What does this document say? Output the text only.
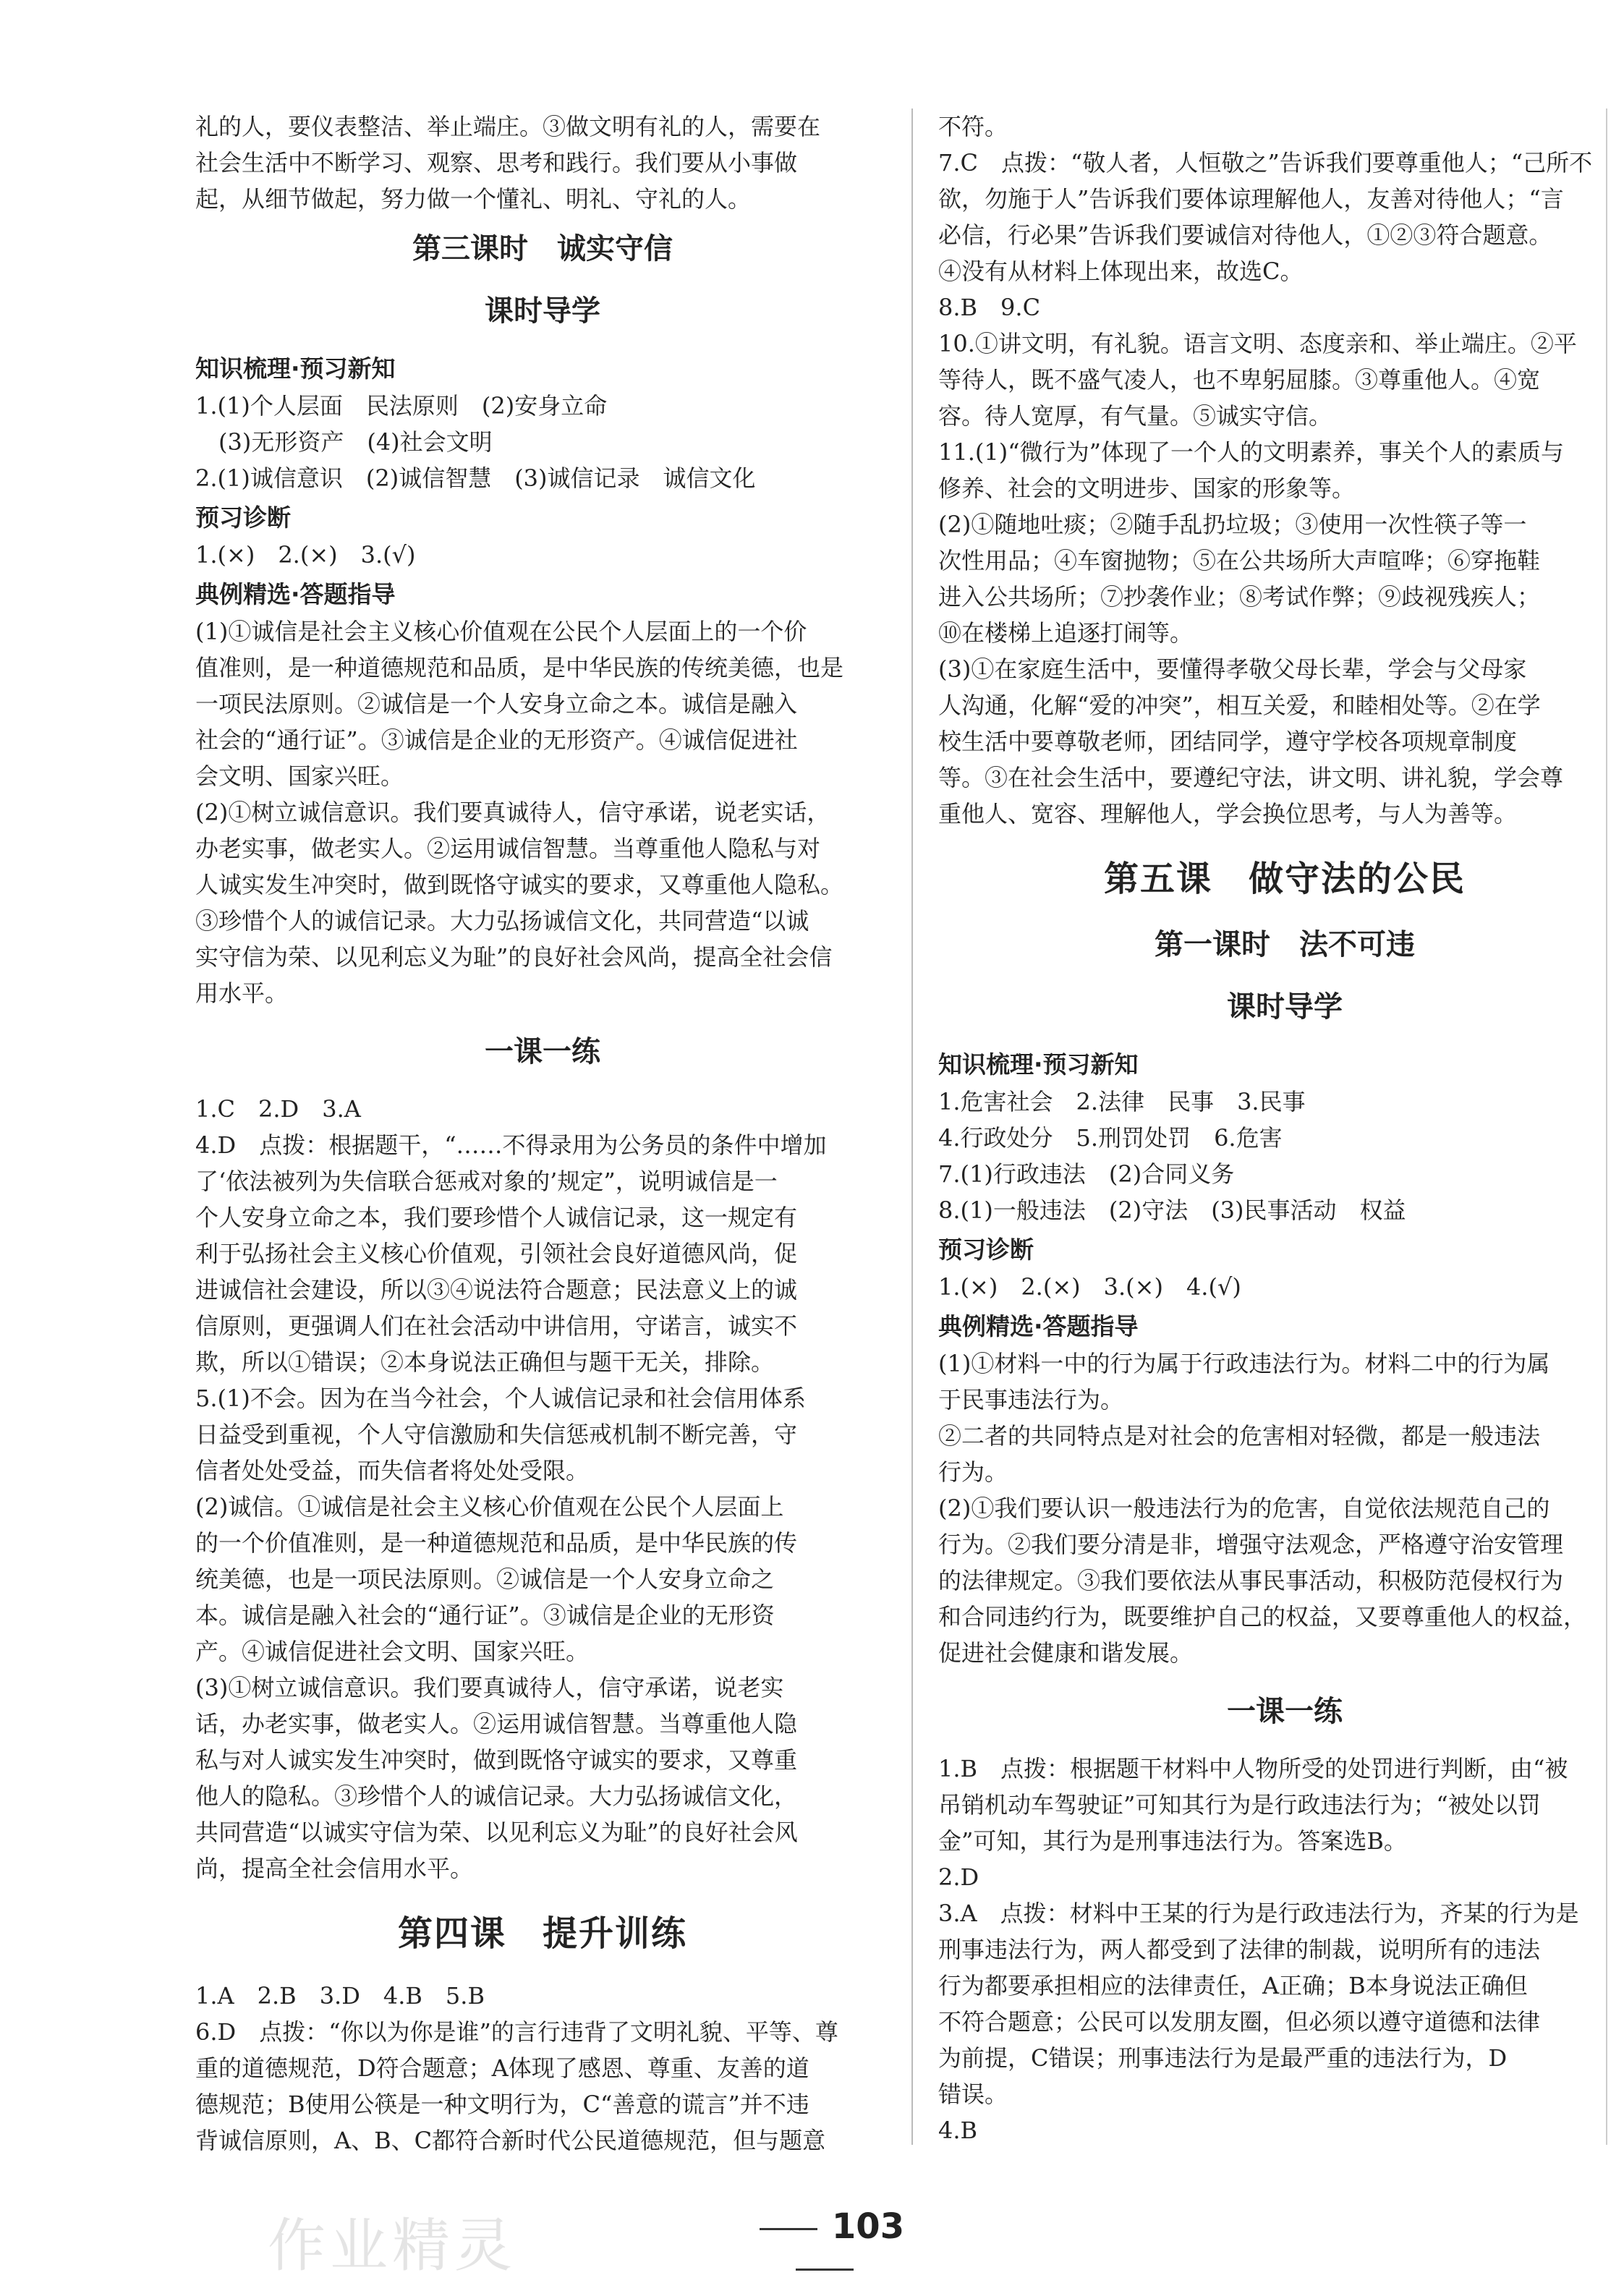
礼的人，要仪表整洁、举止端庄。③做文明有礼的人，需要在

社会生活中不断学习、观察、思考和践行。我们要从小事做

起，从细节做起，努力做一个懂礼、明礼、守礼的人。

第三课时　诚实守信
课时导学
知识梳理·预习新知

1.(1)个人层面　民法原则　(2)安身立命

　(3)无形资产　(4)社会文明

2.(1)诚信意识　(2)诚信智慧　(3)诚信记录　诚信文化

预习诊断

1.(×)　2.(×)　3.(√)

典例精选·答题指导

(1)①诚信是社会主义核心价值观在公民个人层面上的一个价

值准则，是一种道德规范和品质，是中华民族的传统美德，也是

一项民法原则。②诚信是一个人安身立命之本。诚信是融入

社会的“通行证”。③诚信是企业的无形资产。④诚信促进社

会文明、国家兴旺。

(2)①树立诚信意识。我们要真诚待人，信守承诺，说老实话，

办老实事，做老实人。②运用诚信智慧。当尊重他人隐私与对

人诚实发生冲突时，做到既恪守诚实的要求，又尊重他人隐私。

③珍惜个人的诚信记录。大力弘扬诚信文化，共同营造“以诚

实守信为荣、以见利忘义为耻”的良好社会风尚，提高全社会信

用水平。

一课一练

1.C　2.D　3.A

4.D　点拨：根据题干，“……不得录用为公务员的条件中增加

了‘依法被列为失信联合惩戒对象的’规定”，说明诚信是一

个人安身立命之本，我们要珍惜个人诚信记录，这一规定有

利于弘扬社会主义核心价值观，引领社会良好道德风尚，促

进诚信社会建设，所以③④说法符合题意；民法意义上的诚

信原则，更强调人们在社会活动中讲信用，守诺言，诚实不

欺，所以①错误；②本身说法正确但与题干无关，排除。

5.(1)不会。因为在当今社会，个人诚信记录和社会信用体系

日益受到重视，个人守信激励和失信惩戒机制不断完善，守

信者处处受益，而失信者将处处受限。

(2)诚信。①诚信是社会主义核心价值观在公民个人层面上

的一个价值准则，是一种道德规范和品质，是中华民族的传

统美德，也是一项民法原则。②诚信是一个人安身立命之

本。诚信是融入社会的“通行证”。③诚信是企业的无形资

产。④诚信促进社会文明、国家兴旺。

(3)①树立诚信意识。我们要真诚待人，信守承诺，说老实

话，办老实事，做老实人。②运用诚信智慧。当尊重他人隐

私与对人诚实发生冲突时，做到既恪守诚实的要求，又尊重

他人的隐私。③珍惜个人的诚信记录。大力弘扬诚信文化，

共同营造“以诚实守信为荣、以见利忘义为耻”的良好社会风

尚，提高全社会信用水平。

第四课　提升训练

1.A　2.B　3.D　4.B　5.B

6.D　点拨：“你以为你是谁”的言行违背了文明礼貌、平等、尊

重的道德规范，D符合题意；A体现了感恩、尊重、友善的道

德规范；B使用公筷是一种文明行为，C“善意的谎言”并不违

背诚信原则，A、B、C都符合新时代公民道德规范，但与题意

不符。

7.C　点拨：“敬人者，人恒敬之”告诉我们要尊重他人；“己所不

欲，勿施于人”告诉我们要体谅理解他人，友善对待他人；“言

必信，行必果”告诉我们要诚信对待他人，①②③符合题意。

④没有从材料上体现出来，故选C。

8.B　9.C

10.①讲文明，有礼貌。语言文明、态度亲和、举止端庄。②平

等待人，既不盛气凌人，也不卑躬屈膝。③尊重他人。④宽

容。待人宽厚，有气量。⑤诚实守信。

11.(1)“微行为”体现了一个人的文明素养，事关个人的素质与

修养、社会的文明进步、国家的形象等。

(2)①随地吐痰；②随手乱扔垃圾；③使用一次性筷子等一

次性用品；④车窗抛物；⑤在公共场所大声喧哗；⑥穿拖鞋

进入公共场所；⑦抄袭作业；⑧考试作弊；⑨歧视残疾人；

⑩在楼梯上追逐打闹等。

(3)①在家庭生活中，要懂得孝敬父母长辈，学会与父母家

人沟通，化解“爱的冲突”，相互关爱，和睦相处等。②在学

校生活中要尊敬老师，团结同学，遵守学校各项规章制度

等。③在社会生活中，要遵纪守法，讲文明、讲礼貌，学会尊

重他人、宽容、理解他人，学会换位思考，与人为善等。

第五课　做守法的公民
第一课时　法不可违
课时导学
知识梳理·预习新知

1.危害社会　2.法律　民事　3.民事

4.行政处分　5.刑罚处罚　6.危害

7.(1)行政违法　(2)合同义务

8.(1)一般违法　(2)守法　(3)民事活动　权益

预习诊断

1.(×)　2.(×)　3.(×)　4.(√)

典例精选·答题指导

(1)①材料一中的行为属于行政违法行为。材料二中的行为属

于民事违法行为。

②二者的共同特点是对社会的危害相对轻微，都是一般违法

行为。

(2)①我们要认识一般违法行为的危害，自觉依法规范自己的

行为。②我们要分清是非，增强守法观念，严格遵守治安管理

的法律规定。③我们要依法从事民事活动，积极防范侵权行为

和合同违约行为，既要维护自己的权益，又要尊重他人的权益，

促进社会健康和谐发展。

一课一练

1.B　点拨：根据题干材料中人物所受的处罚进行判断，由“被

吊销机动车驾驶证”可知其行为是行政违法行为；“被处以罚

金”可知，其行为是刑事违法行为。答案选B。

2.D

3.A　点拨：材料中王某的行为是行政违法行为，齐某的行为是

刑事违法行为，两人都受到了法律的制裁，说明所有的违法

行为都要承担相应的法律责任，A正确；B本身说法正确但

不符合题意；公民可以发朋友圈，但必须以遵守道德和法律

为前提，C错误；刑事违法行为是最严重的违法行为，D

错误。

4.B

作业精灵	103
